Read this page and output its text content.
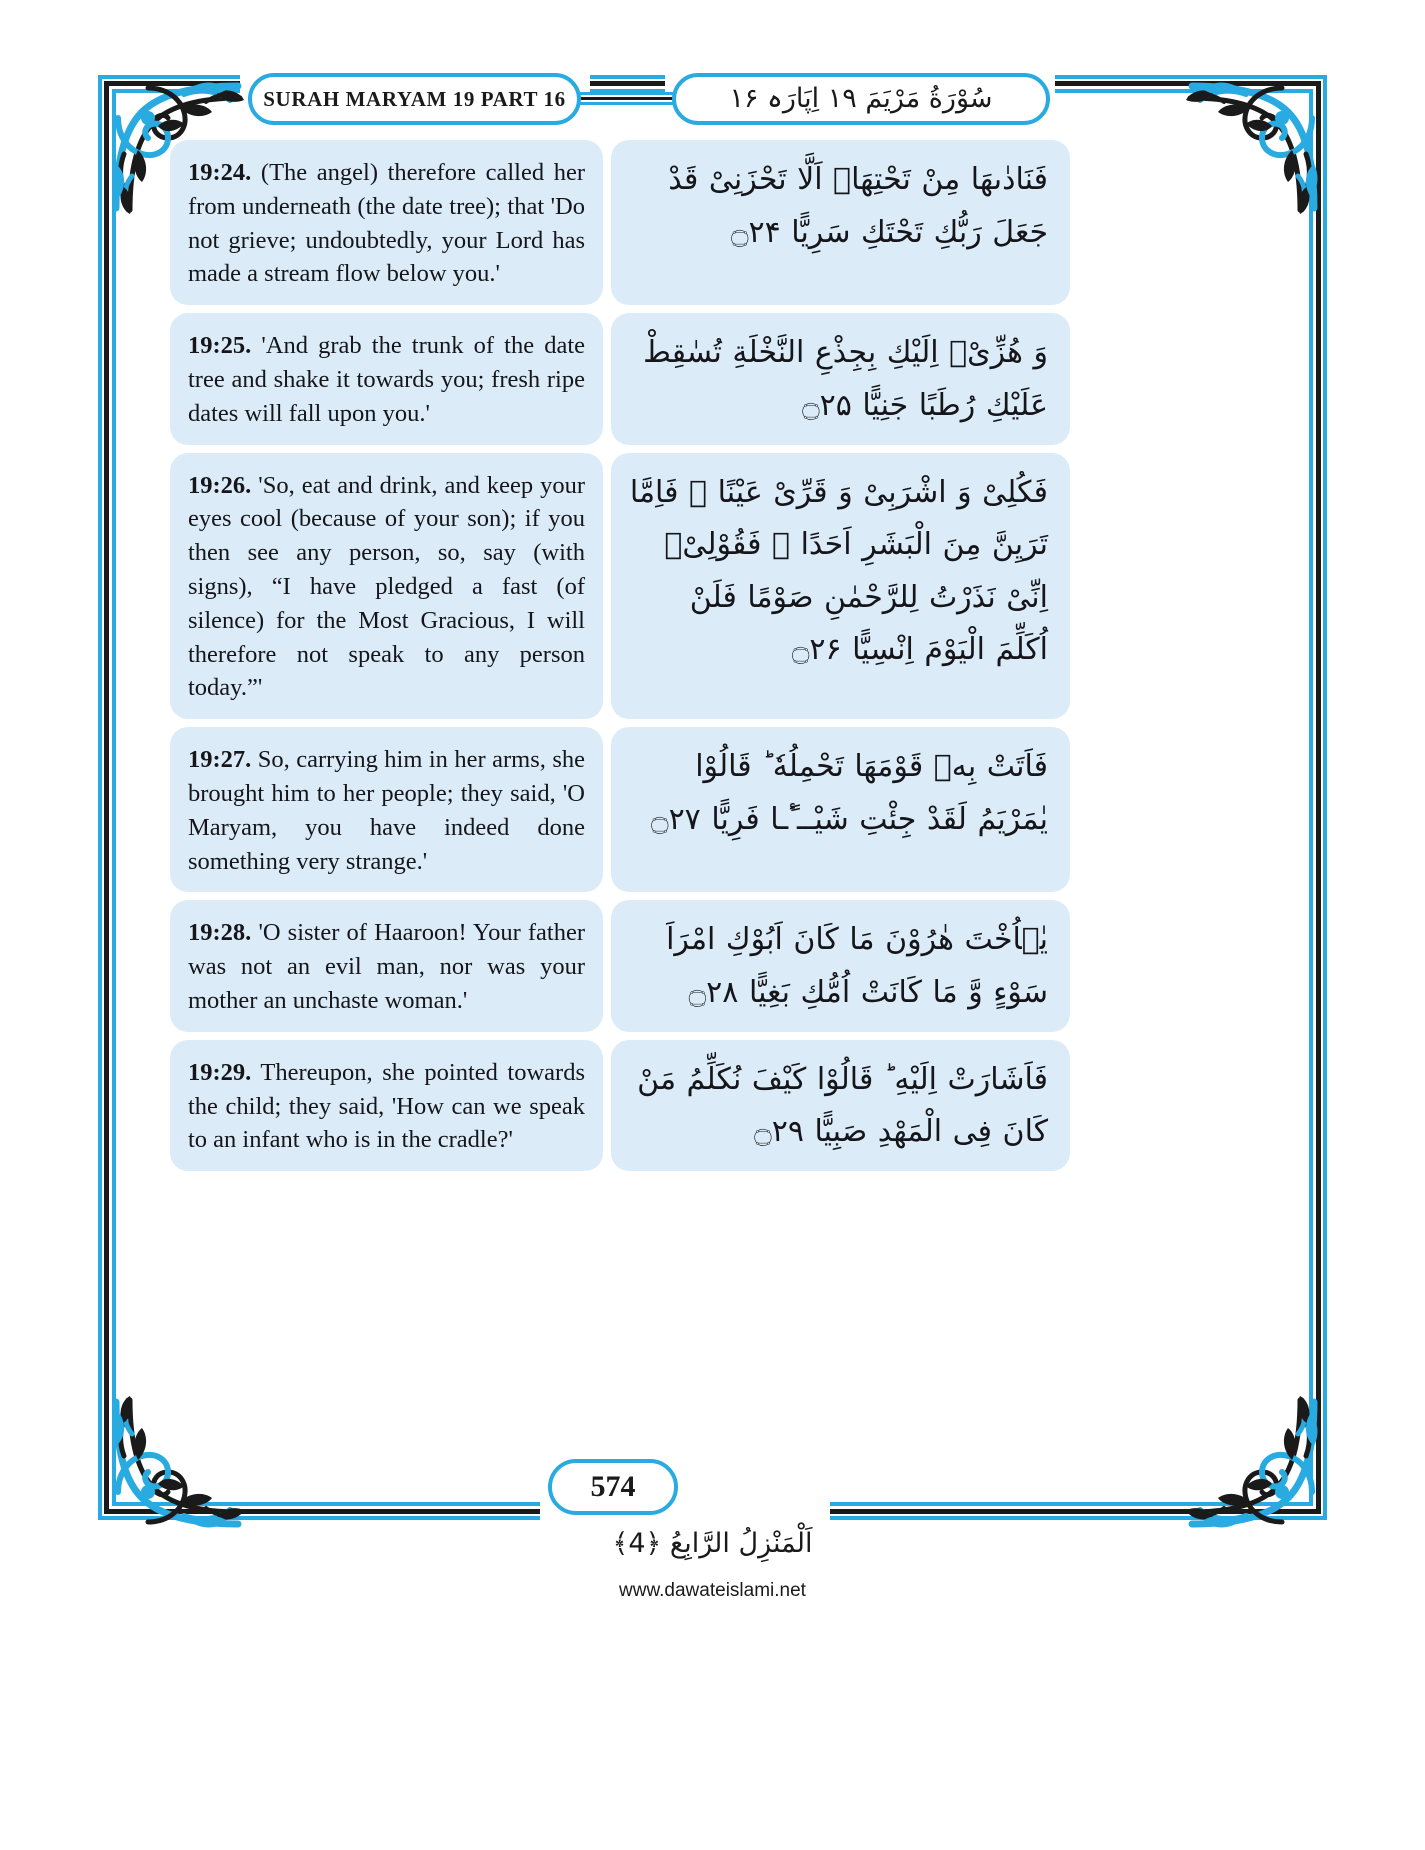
SURAH MARYAM 19 PART 16	سُوْرَةُ مَرْیَمَ ۱۹ اِپَارَہ ۱۶

19:24. (The angel) therefore called her from underneath (the date tree); that 'Do not grieve; undoubtedly, your Lord has made a stream flow below you.'

فَنَادٰىهَا مِنْ تَحْتِهَاۤ اَلَّا تَحْزَنِیْ قَدْ جَعَلَ رَبُّكِ تَحْتَكِ سَرِیًّا ۝۲۴

19:25. 'And grab the trunk of the date tree and shake it towards you; fresh ripe dates will fall upon you.'

وَ هُزِّیْۤ اِلَیْكِ بِجِذْعِ النَّخْلَةِ تُسٰقِطْ عَلَیْكِ رُطَبًا جَنِیًّا ۝۲۵

19:26. 'So, eat and drink, and keep your eyes cool (because of your son); if you then see any person, so, say (with signs), “I have pledged a fast (of silence) for the Most Gracious, I will therefore not speak to any person today.”'

فَكُلِیْ وَ اشْرَبِیْ وَ قَرِّیْ عَیْنًا ۚ فَاِمَّا تَرَیِنَّ مِنَ الْبَشَرِ اَحَدًا ۙ فَقُوْلِیْۤ اِنِّیْ نَذَرْتُ لِلرَّحْمٰنِ صَوْمًا فَلَنْ اُكَلِّمَ الْیَوْمَ اِنْسِیًّا ۝۲۶

19:27. So, carrying him in her arms, she brought him to her people; they said, 'O Maryam, you have indeed done something very strange.'

فَاَتَتْ بِهٖ قَوْمَهَا تَحْمِلُهٗ ؕ قَالُوْا یٰمَرْیَمُ لَقَدْ جِئْتِ شَیْــٴًـا فَرِیًّا ۝۲۷

19:28. 'O sister of Haaroon! Your father was not an evil man, nor was your mother an unchaste woman.'

یٰۤاُخْتَ هٰرُوْنَ مَا كَانَ اَبُوْكِ امْرَاَ سَوْءٍ وَّ مَا كَانَتْ اُمُّكِ بَغِیًّا ۝۲۸

19:29. Thereupon, she pointed towards the child; they said, 'How can we speak to an infant who is in the cradle?'

فَاَشَارَتْ اِلَیْهِ ؕ قَالُوْا كَیْفَ نُكَلِّمُ مَنْ كَانَ فِی الْمَهْدِ صَبِیًّا ۝۲۹

574
اَلْمَنْزِلُ الرَّابِعُ ﴿4﴾
www.dawateislami.net
